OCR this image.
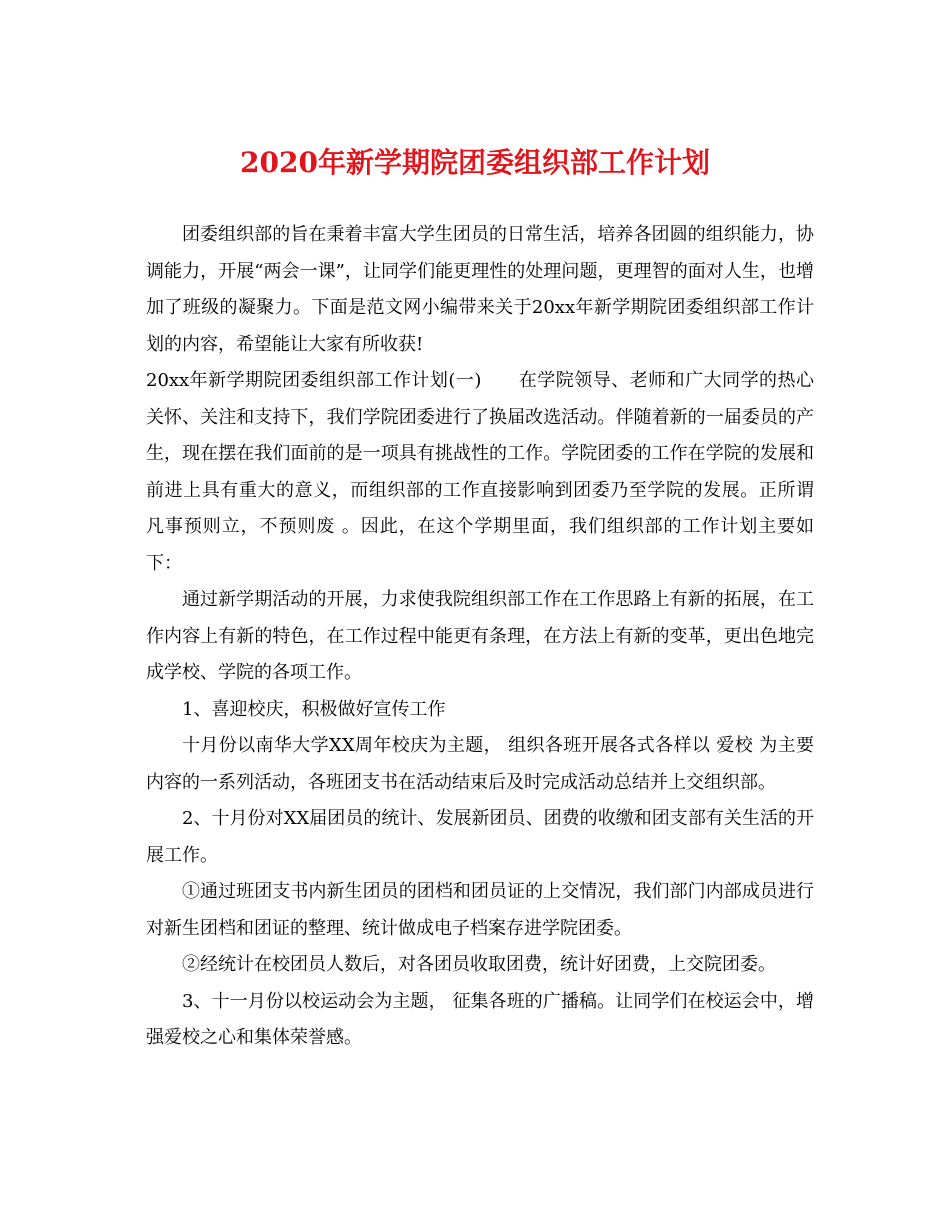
2020年新学期院团委组织部工作计划

团委组织部的旨在秉着丰富大学生团员的日常生活，培养各团圆的组织能力，协调能力，开展“两会一课”，让同学们能更理性的处理问题，更理智的面对人生，也增加了班级的凝聚力。下面是范文网小编带来关于20xx年新学期院团委组织部工作计划的内容，希望能让大家有所收获!

20xx年新学期院团委组织部工作计划(一)　　在学院领导、老师和广大同学的热心关怀、关注和支持下，我们学院团委进行了换届改选活动。伴随着新的一届委员的产生，现在摆在我们面前的是一项具有挑战性的工作。学院团委的工作在学院的发展和前进上具有重大的意义，而组织部的工作直接影响到团委乃至学院的发展。正所谓 凡事预则立，不预则废 。因此，在这个学期里面，我们组织部的工作计划主要如下：

通过新学期活动的开展，力求使我院组织部工作在工作思路上有新的拓展，在工作内容上有新的特色，在工作过程中能更有条理，在方法上有新的变革，更出色地完成学校、学院的各项工作。

1、喜迎校庆，积极做好宣传工作

十月份以南华大学XX周年校庆为主题， 组织各班开展各式各样以 爱校 为主要内容的一系列活动，各班团支书在活动结束后及时完成活动总结并上交组织部。

2、十月份对XX届团员的统计、发展新团员、团费的收缴和团支部有关生活的开展工作。

①通过班团支书内新生团员的团档和团员证的上交情况，我们部门内部成员进行对新生团档和团证的整理、统计做成电子档案存进学院团委。

②经统计在校团员人数后，对各团员收取团费，统计好团费，上交院团委。

3、十一月份以校运动会为主题， 征集各班的广播稿。让同学们在校运会中，增强爱校之心和集体荣誉感。
